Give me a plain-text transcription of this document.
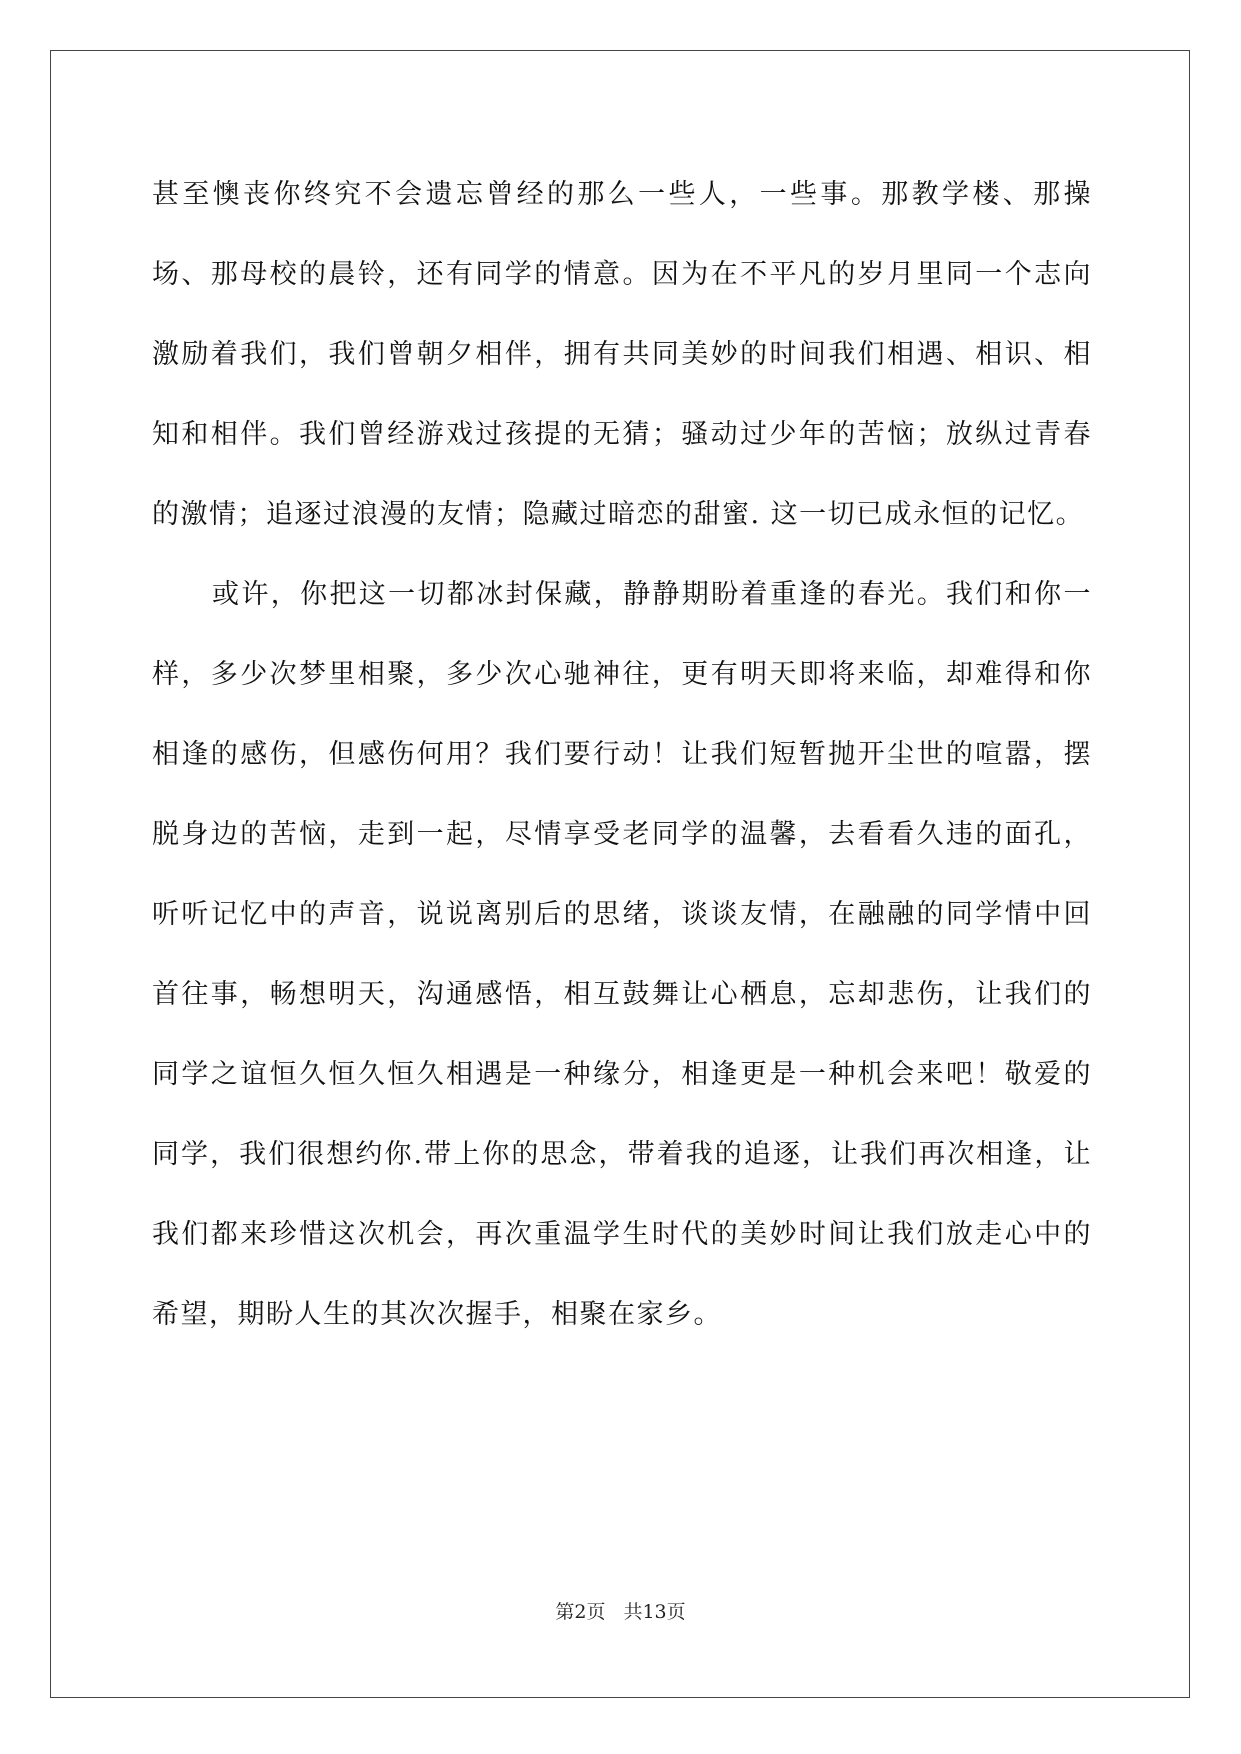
甚至懊丧你终究不会遗忘曾经的那么一些人，一些事。那教学楼、那操场、那母校的晨铃，还有同学的情意。因为在不平凡的岁月里同一个志向激励着我们，我们曾朝夕相伴，拥有共同美妙的时间我们相遇、相识、相知和相伴。我们曾经游戏过孩提的无猜；骚动过少年的苦恼；放纵过青春的激情；追逐过浪漫的友情；隐藏过暗恋的甜蜜. 这一切已成永恒的记忆。

或许，你把这一切都冰封保藏，静静期盼着重逢的春光。我们和你一样，多少次梦里相聚，多少次心驰神往，更有明天即将来临，却难得和你相逢的感伤，但感伤何用？我们要行动！让我们短暂抛开尘世的喧嚣，摆脱身边的苦恼，走到一起，尽情享受老同学的温馨，去看看久违的面孔，听听记忆中的声音，说说离别后的思绪，谈谈友情，在融融的同学情中回首往事，畅想明天，沟通感悟，相互鼓舞让心栖息，忘却悲伤，让我们的同学之谊恒久恒久恒久相遇是一种缘分，相逢更是一种机会来吧！敬爱的同学，我们很想约你.带上你的思念，带着我的追逐，让我们再次相逢，让我们都来珍惜这次机会，再次重温学生时代的美妙时间让我们放走心中的希望，期盼人生的其次次握手，相聚在家乡。

第2页 共13页
